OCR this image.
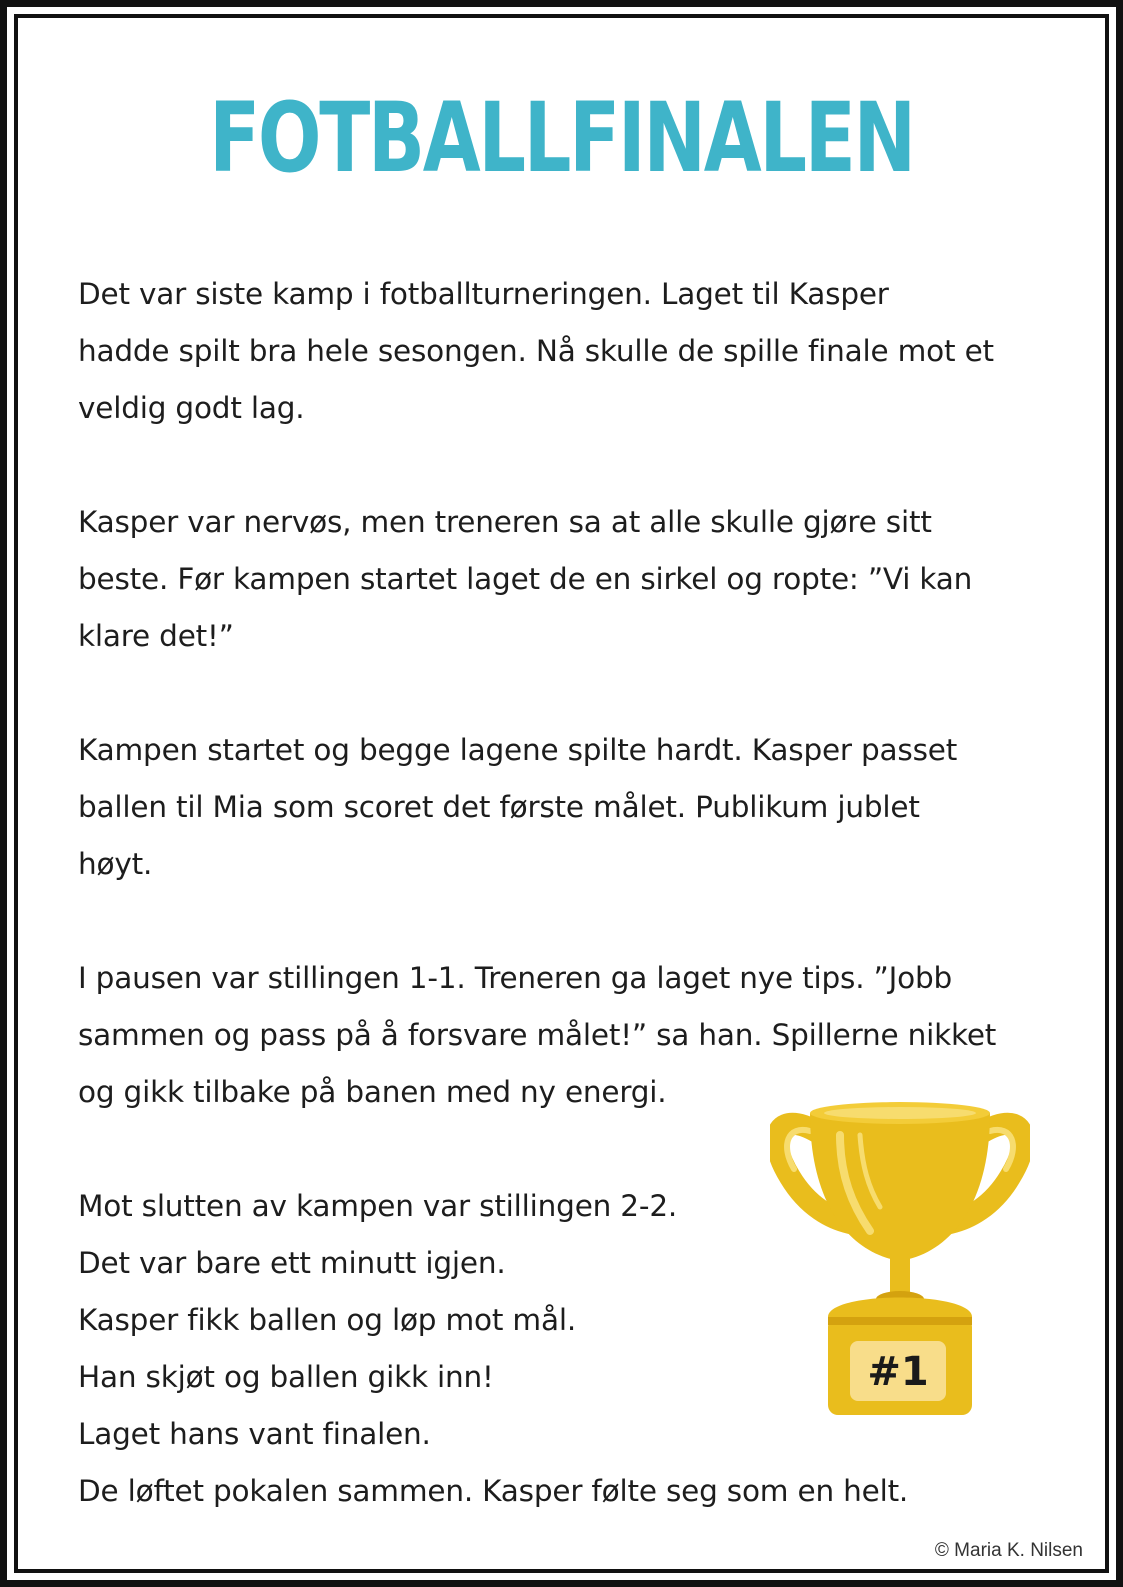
FOTBALLFINALEN

Det var siste kamp i fotballturneringen. Laget til Kasper
hadde spilt bra hele sesongen. Nå skulle de spille finale mot et
veldig godt lag.

Kasper var nervøs, men treneren sa at alle skulle gjøre sitt
beste. Før kampen startet laget de en sirkel og ropte: ”Vi kan
klare det!”

Kampen startet og begge lagene spilte hardt. Kasper passet
ballen til Mia som scoret det første målet. Publikum jublet
høyt.

I pausen var stillingen 1-1. Treneren ga laget nye tips. ”Jobb
sammen og pass på å forsvare målet!” sa han. Spillerne nikket
og gikk tilbake på banen med ny energi.

Mot slutten av kampen var stillingen 2-2.
Det var bare ett minutt igjen.
Kasper fikk ballen og løp mot mål.
Han skjøt og ballen gikk inn!
Laget hans vant finalen.
De løftet pokalen sammen. Kasper følte seg som en helt.

#1
© Maria K. Nilsen
